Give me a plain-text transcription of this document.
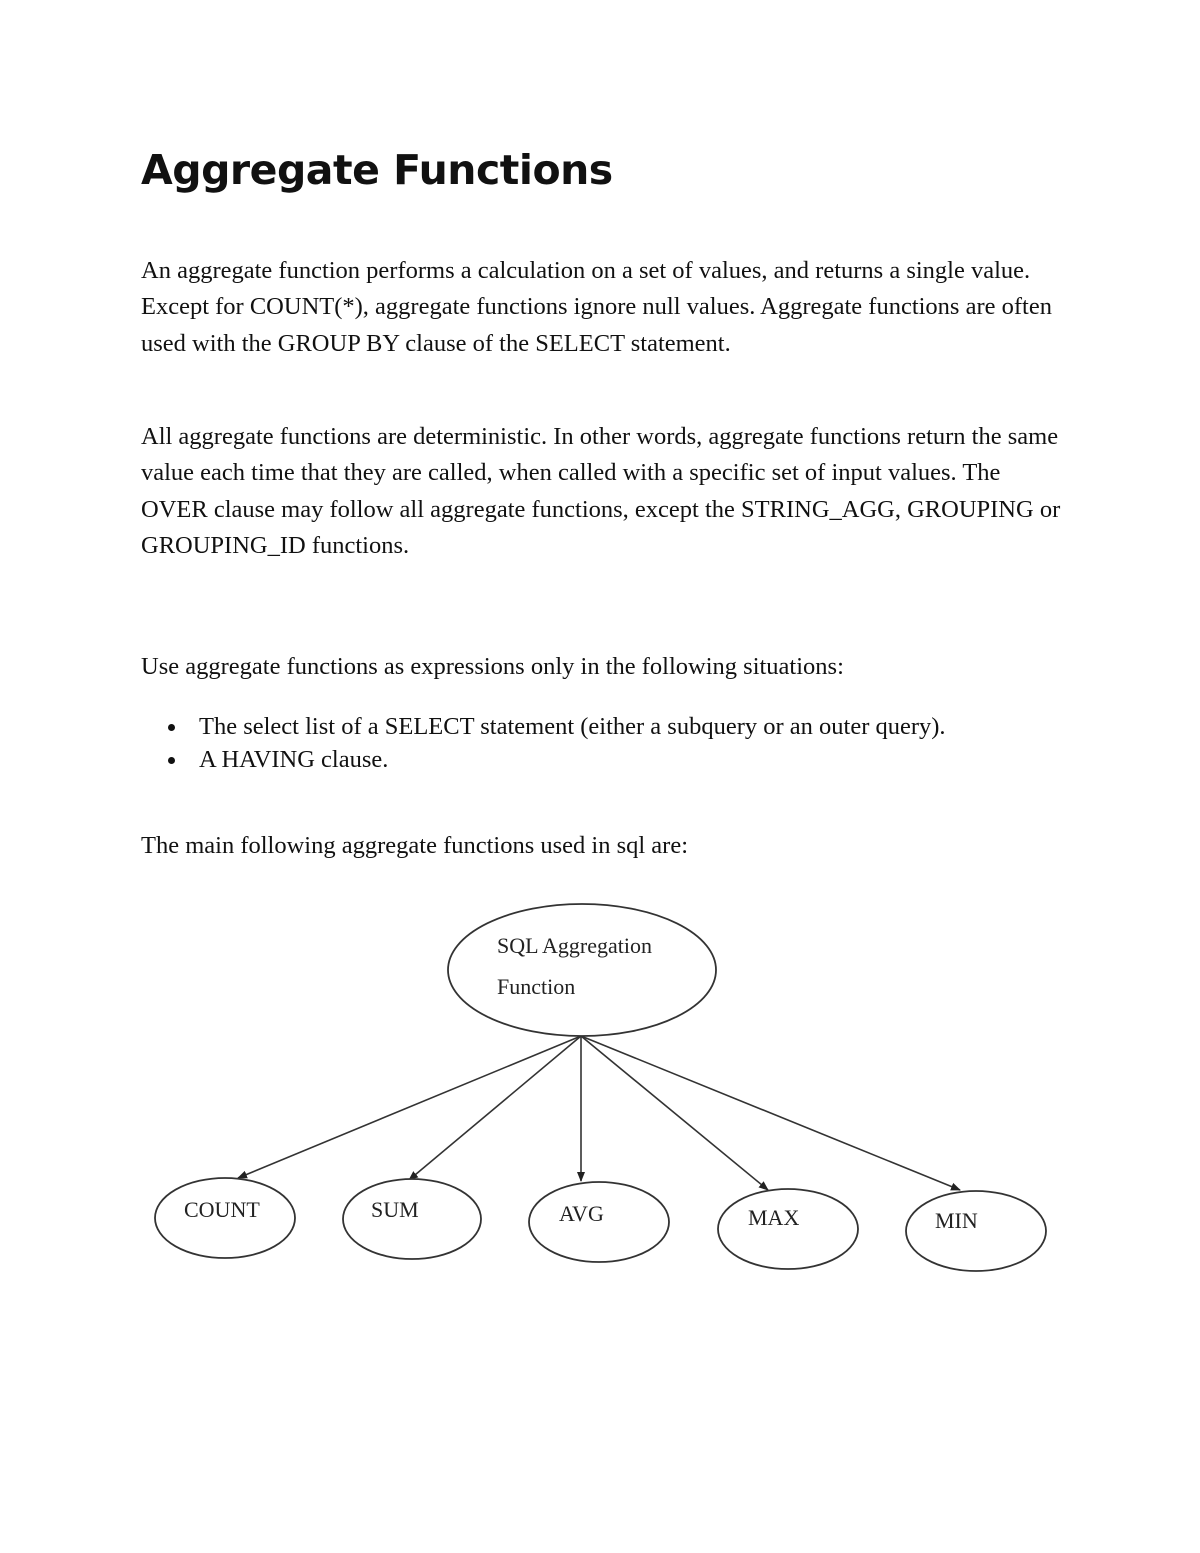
Aggregate Functions

An aggregate function performs a calculation on a set of values, and returns a single value. Except for COUNT(*), aggregate functions ignore null values. Aggregate functions are often used with the GROUP BY clause of the SELECT statement.

All aggregate functions are deterministic. In other words, aggregate functions return the same value each time that they are called, when called with a specific set of input values. The OVER clause may follow all aggregate functions, except the STRING_AGG, GROUPING or GROUPING_ID functions.

Use aggregate functions as expressions only in the following situations:

The select list of a SELECT statement (either a subquery or an outer query).
A HAVING clause.

The main following aggregate functions used in sql are:

SQL Aggregation
Function
COUNT	SUM	AVG	MAX	MIN
